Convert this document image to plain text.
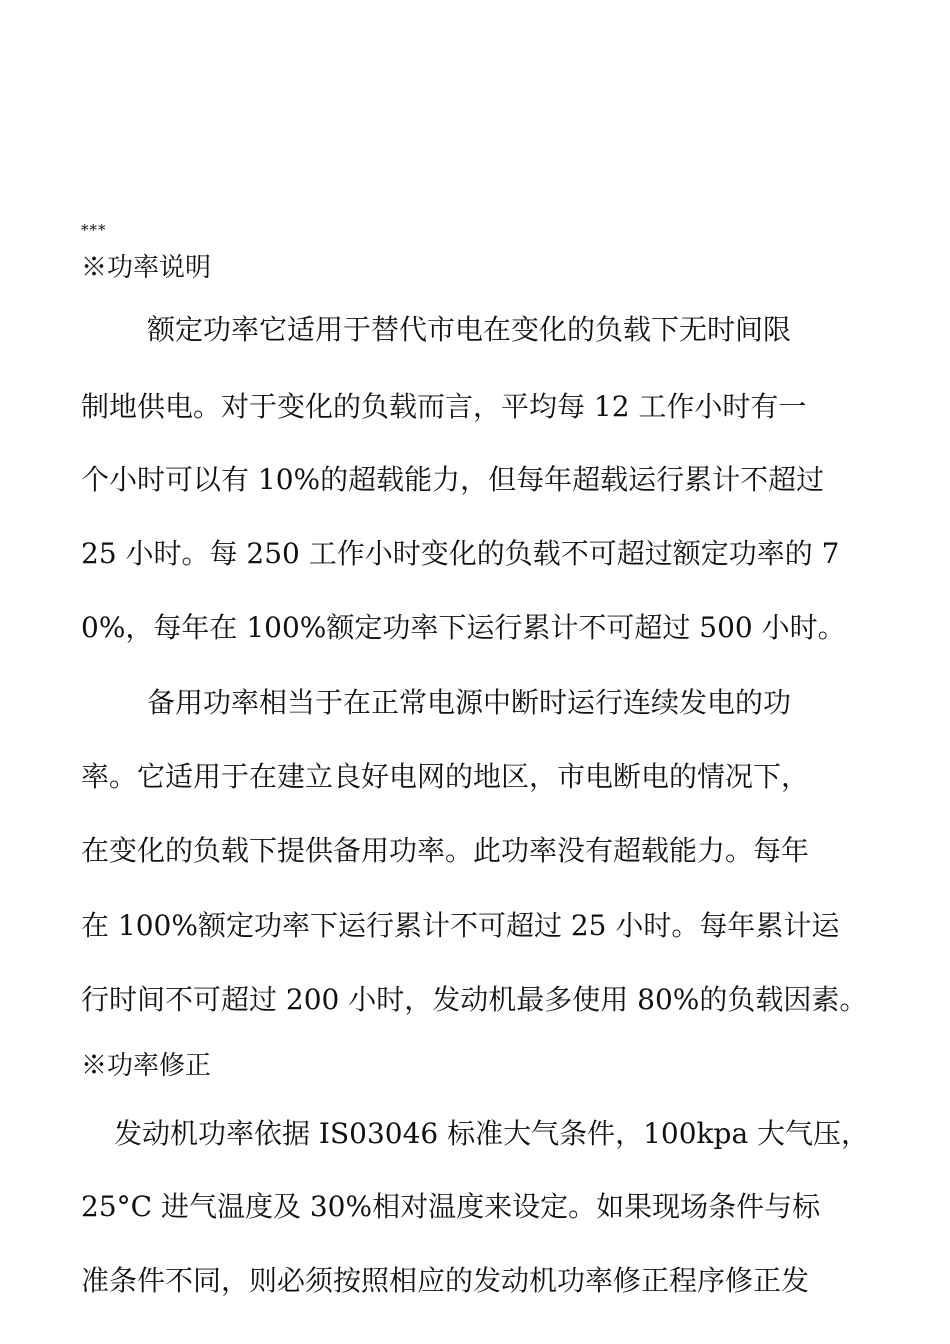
***
※功率说明
额定功率它适用于替代市电在变化的负载下无时间限
制地供电。对于变化的负载而言，平均每 12 工作小时有一
个小时可以有 10%的超载能力，但每年超载运行累计不超过
25 小时。每 250 工作小时变化的负载不可超过额定功率的 7
0%，每年在 100%额定功率下运行累计不可超过 500 小时。
备用功率相当于在正常电源中断时运行连续发电的功
率。它适用于在建立良好电网的地区，市电断电的情况下，
在变化的负载下提供备用功率。此功率没有超载能力。每年
在 100%额定功率下运行累计不可超过 25 小时。每年累计运
行时间不可超过 200 小时，发动机最多使用 80%的负载因素。
※功率修正
发动机功率依据 IS03046 标准大气条件，100kpa 大气压，
25°C 进气温度及 30%相对温度来设定。如果现场条件与标
准条件不同，则必须按照相应的发动机功率修正程序修正发
